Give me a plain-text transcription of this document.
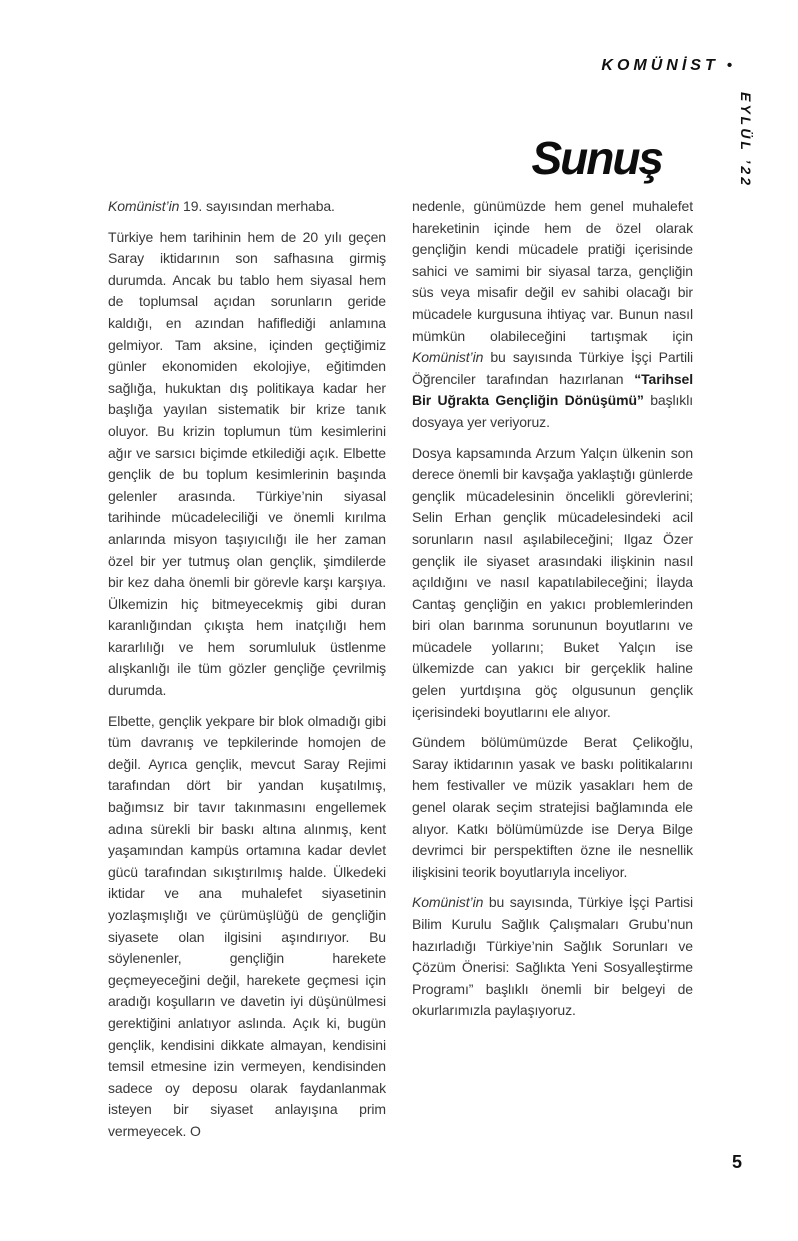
KOMÜNİST •
EYLÜL ’22
Sunuş

Komünist’in 19. sayısından merhaba.

Türkiye hem tarihinin hem de 20 yılı geçen Saray iktidarının son safhasına girmiş durumda. Ancak bu tablo hem siyasal hem de toplumsal açıdan sorunların geride kaldığı, en azından hafiflediği anlamına gelmiyor. Tam aksine, içinden geçtiğimiz günler ekonomiden ekolojiye, eğitimden sağlığa, hukuktan dış politikaya kadar her başlığa yayılan sistematik bir krize tanık oluyor. Bu krizin toplumun tüm kesimlerini ağır ve sarsıcı biçimde etkilediği açık. Elbette gençlik de bu toplum kesimlerinin başında gelenler arasında. Türkiye’nin siyasal tarihinde mücadeleciliği ve önemli kırılma anlarında misyon taşıyıcılığı ile her zaman özel bir yer tutmuş olan gençlik, şimdilerde bir kez daha önemli bir görevle karşı karşıya. Ülkemizin hiç bitmeyecekmiş gibi duran karanlığından çıkışta hem inatçılığı hem kararlılığı ve hem sorumluluk üstlenme alışkanlığı ile tüm gözler gençliğe çevrilmiş durumda.

Elbette, gençlik yekpare bir blok olmadığı gibi tüm davranış ve tepkilerinde homojen de değil. Ayrıca gençlik, mevcut Saray Rejimi tarafından dört bir yandan kuşatılmış, bağımsız bir tavır takınmasını engellemek adına sürekli bir baskı altına alınmış, kent yaşamından kampüs ortamına kadar devlet gücü tarafından sıkıştırılmış halde. Ülkedeki iktidar ve ana muhalefet siyasetinin yozlaşmışlığı ve çürümüşlüğü de gençliğin siyasete olan ilgisini aşındırıyor. Bu söylenenler, gençliğin harekete geçmeyeceğini değil, harekete geçmesi için aradığı koşulların ve davetin iyi düşünülmesi gerektiğini anlatıyor aslında. Açık ki, bugün gençlik, kendisini dikkate almayan, kendisini temsil etmesine izin vermeyen, kendisinden sadece oy deposu olarak faydanlanmak isteyen bir siyaset anlayışına prim vermeyecek. O

nedenle, günümüzde hem genel muhalefet hareketinin içinde hem de özel olarak gençliğin kendi mücadele pratiği içerisinde sahici ve samimi bir siyasal tarza, gençliğin süs veya misafir değil ev sahibi olacağı bir mücadele kurgusuna ihtiyaç var. Bunun nasıl mümkün olabileceğini tartışmak için Komünist’in bu sayısında Türkiye İşçi Partili Öğrenciler tarafından hazırlanan “Tarihsel Bir Uğrakta Gençliğin Dönüşümü” başlıklı dosyaya yer veriyoruz.

Dosya kapsamında Arzum Yalçın ülkenin son derece önemli bir kavşağa yaklaştığı günlerde gençlik mücadelesinin öncelikli görevlerini; Selin Erhan gençlik mücadelesindeki acil sorunların nasıl aşılabileceğini; Ilgaz Özer gençlik ile siyaset arasındaki ilişkinin nasıl açıldığını ve nasıl kapatılabileceğini; İlayda Cantaş gençliğin en yakıcı problemlerinden biri olan barınma sorununun boyutlarını ve mücadele yollarını; Buket Yalçın ise ülkemizde can yakıcı bir gerçeklik haline gelen yurtdışına göç olgusunun gençlik içerisindeki boyutlarını ele alıyor.

Gündem bölümümüzde Berat Çelikoğlu, Saray iktidarının yasak ve baskı politikalarını hem festivaller ve müzik yasakları hem de genel olarak seçim stratejisi bağlamında ele alıyor. Katkı bölümümüzde ise Derya Bilge devrimci bir perspektiften özne ile nesnellik ilişkisini teorik boyutlarıyla inceliyor.

Komünist’in bu sayısında, Türkiye İşçi Partisi Bilim Kurulu Sağlık Çalışmaları Grubu’nun hazırladığı Türkiye’nin Sağlık Sorunları ve Çözüm Önerisi: Sağlıkta Yeni Sosyalleştirme Programı” başlıklı önemli bir belgeyi de okurlarımızla paylaşıyoruz.

5
